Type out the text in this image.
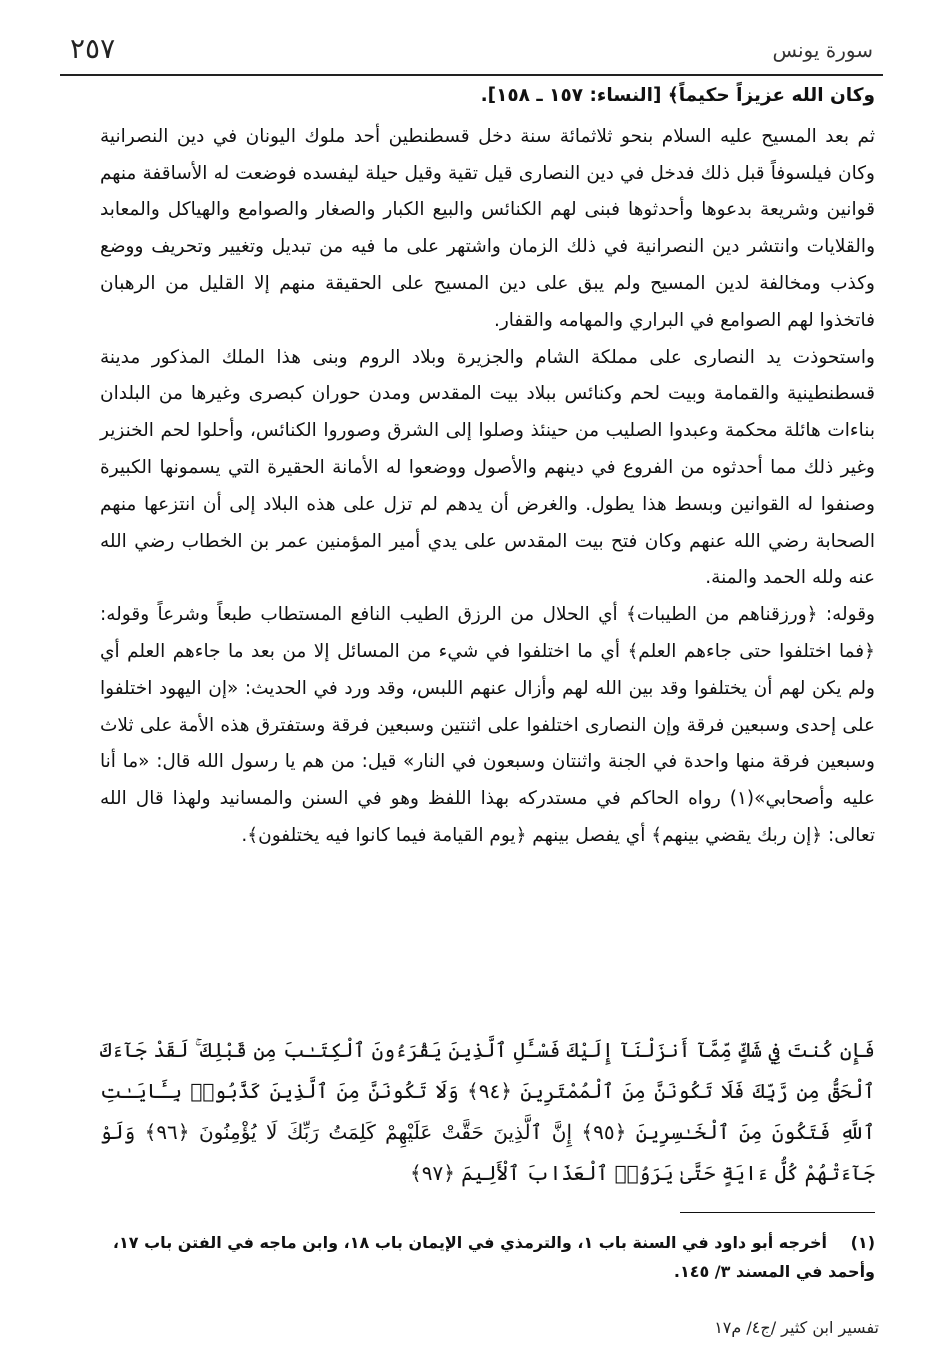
سورة يونس
٢٥٧

وكان الله عزيزاً حكيماً﴾ [النساء: ١٥٧ ـ ١٥٨].

ثم بعد المسيح عليه السلام بنحو ثلاثمائة سنة دخل قسطنطين أحد ملوك اليونان في دين النصرانية وكان فيلسوفاً قبل ذلك فدخل في دين النصارى قيل تقية وقيل حيلة ليفسده فوضعت له الأساقفة منهم قوانين وشريعة بدعوها وأحدثوها فبنى لهم الكنائس والبيع الكبار والصغار والصوامع والهياكل والمعابد والقلايات وانتشر دين النصرانية في ذلك الزمان واشتهر على ما فيه من تبديل وتغيير وتحريف ووضع وكذب ومخالفة لدين المسيح ولم يبق على دين المسيح على الحقيقة منهم إلا القليل من الرهبان فاتخذوا لهم الصوامع في البراري والمهامه والقفار.

واستحوذت يد النصارى على مملكة الشام والجزيرة وبلاد الروم وبنى هذا الملك المذكور مدينة قسطنطينية والقمامة وبيت لحم وكنائس ببلاد بيت المقدس ومدن حوران كبصرى وغيرها من البلدان بناءات هائلة محكمة وعبدوا الصليب من حينئذ وصلوا إلى الشرق وصوروا الكنائس، وأحلوا لحم الخنزير وغير ذلك مما أحدثوه من الفروع في دينهم والأصول ووضعوا له الأمانة الحقيرة التي يسمونها الكبيرة وصنفوا له القوانين وبسط هذا يطول. والغرض أن يدهم لم تزل على هذه البلاد إلى أن انتزعها منهم الصحابة رضي الله عنهم وكان فتح بيت المقدس على يدي أمير المؤمنين عمر بن الخطاب رضي الله عنه ولله الحمد والمنة.

وقوله: ﴿ورزقناهم من الطيبات﴾ أي الحلال من الرزق الطيب النافع المستطاب طبعاً وشرعاً وقوله: ﴿فما اختلفوا حتى جاءهم العلم﴾ أي ما اختلفوا في شيء من المسائل إلا من بعد ما جاءهم العلم أي ولم يكن لهم أن يختلفوا وقد بين الله لهم وأزال عنهم اللبس، وقد ورد في الحديث: «إن اليهود اختلفوا على إحدى وسبعين فرقة وإن النصارى اختلفوا على اثنتين وسبعين فرقة وستفترق هذه الأمة على ثلاث وسبعين فرقة منها واحدة في الجنة واثنتان وسبعون في النار» قيل: من هم يا رسول الله قال: «ما أنا عليه وأصحابي»(١) رواه الحاكم في مستدركه بهذا اللفظ وهو في السنن والمسانيد ولهذا قال الله تعالى: ﴿إن ربك يقضي بينهم﴾ أي يفصل بينهم ﴿يوم القيامة فيما كانوا فيه يختلفون﴾.

فَإِن كُنتَ فِي شَكٍّ مِّمَّآ أَنزَلْنَآ إِلَيْكَ فَسْـَٔلِ ٱلَّذِينَ يَقْرَءُونَ ٱلْكِتَـٰبَ مِن قَبْلِكَ ۚ لَقَدْ جَآءَكَ ٱلْحَقُّ مِن رَّبِّكَ فَلَا تَكُونَنَّ مِنَ ٱلْمُمْتَرِينَ ﴿٩٤﴾ وَلَا تَكُونَنَّ مِنَ ٱلَّذِينَ كَذَّبُوا۟ بِـَٔايَـٰتِ ٱللَّهِ فَتَكُونَ مِنَ ٱلْخَـٰسِرِينَ ﴿٩٥﴾ إِنَّ ٱلَّذِينَ حَقَّتْ عَلَيْهِمْ كَلِمَتُ رَبِّكَ لَا يُؤْمِنُونَ ﴿٩٦﴾ وَلَوْ جَآءَتْهُمْ كُلُّ ءَايَةٍ حَتَّىٰ يَرَوُا۟ ٱلْعَذَابَ ٱلْأَلِيمَ ﴿٩٧﴾
(١)أخرجه أبو داود في السنة باب ١، والترمذي في الإيمان باب ١٨، وابن ماجه في الفتن باب ١٧، وأحمد في المسند ٣/ ١٤٥.
تفسير ابن كثير /ج٤/ م١٧
